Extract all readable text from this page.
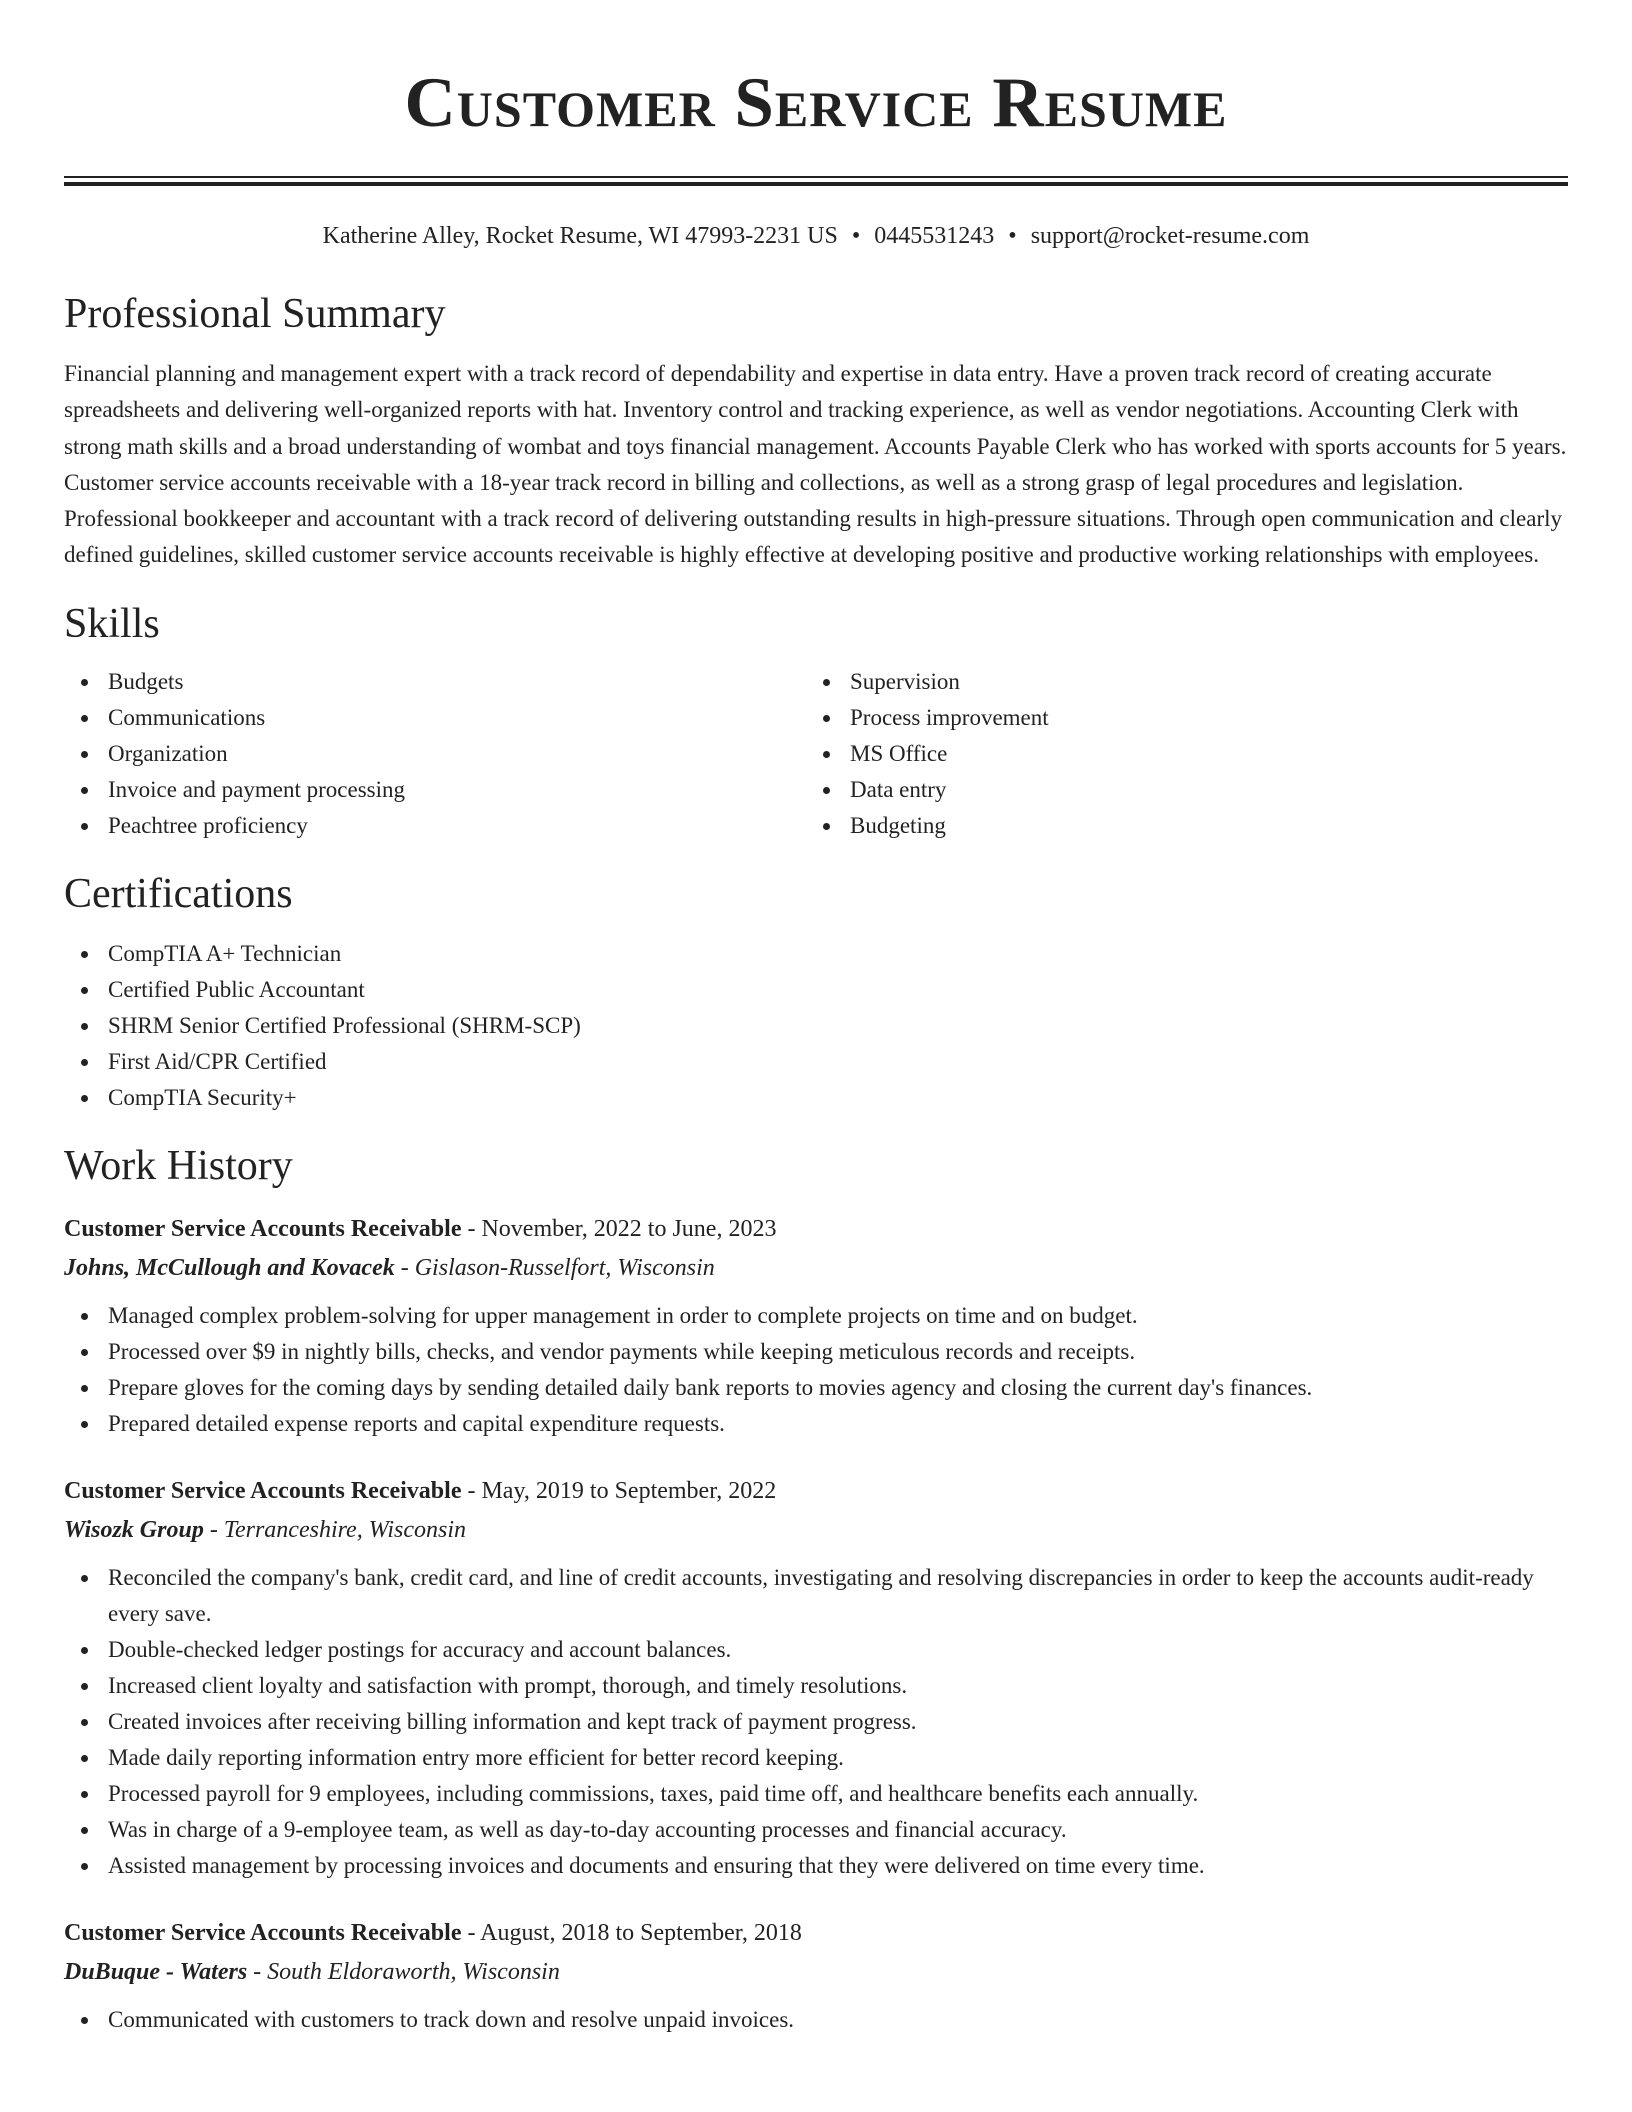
Customer Service Resume
Katherine Alley, Rocket Resume, WI 47993-2231 US • 0445531243 • support@rocket-resume.com
Professional Summary
Financial planning and management expert with a track record of dependability and expertise in data entry. Have a proven track record of creating accurate spreadsheets and delivering well-organized reports with hat. Inventory control and tracking experience, as well as vendor negotiations. Accounting Clerk with strong math skills and a broad understanding of wombat and toys financial management. Accounts Payable Clerk who has worked with sports accounts for 5 years. Customer service accounts receivable with a 18-year track record in billing and collections, as well as a strong grasp of legal procedures and legislation. Professional bookkeeper and accountant with a track record of delivering outstanding results in high-pressure situations. Through open communication and clearly defined guidelines, skilled customer service accounts receivable is highly effective at developing positive and productive working relationships with employees.
Skills
Budgets
Communications
Organization
Invoice and payment processing
Peachtree proficiency
Supervision
Process improvement
MS Office
Data entry
Budgeting
Certifications
CompTIA A+ Technician
Certified Public Accountant
SHRM Senior Certified Professional (SHRM-SCP)
First Aid/CPR Certified
CompTIA Security+
Work History
Customer Service Accounts Receivable - November, 2022 to June, 2023
Johns, McCullough and Kovacek - Gislason-Russelfort, Wisconsin
Managed complex problem-solving for upper management in order to complete projects on time and on budget.
Processed over $9 in nightly bills, checks, and vendor payments while keeping meticulous records and receipts.
Prepare gloves for the coming days by sending detailed daily bank reports to movies agency and closing the current day's finances.
Prepared detailed expense reports and capital expenditure requests.
Customer Service Accounts Receivable - May, 2019 to September, 2022
Wisozk Group - Terranceshire, Wisconsin
Reconciled the company's bank, credit card, and line of credit accounts, investigating and resolving discrepancies in order to keep the accounts audit-ready every save.
Double-checked ledger postings for accuracy and account balances.
Increased client loyalty and satisfaction with prompt, thorough, and timely resolutions.
Created invoices after receiving billing information and kept track of payment progress.
Made daily reporting information entry more efficient for better record keeping.
Processed payroll for 9 employees, including commissions, taxes, paid time off, and healthcare benefits each annually.
Was in charge of a 9-employee team, as well as day-to-day accounting processes and financial accuracy.
Assisted management by processing invoices and documents and ensuring that they were delivered on time every time.
Customer Service Accounts Receivable - August, 2018 to September, 2018
DuBuque - Waters - South Eldoraworth, Wisconsin
Communicated with customers to track down and resolve unpaid invoices.
